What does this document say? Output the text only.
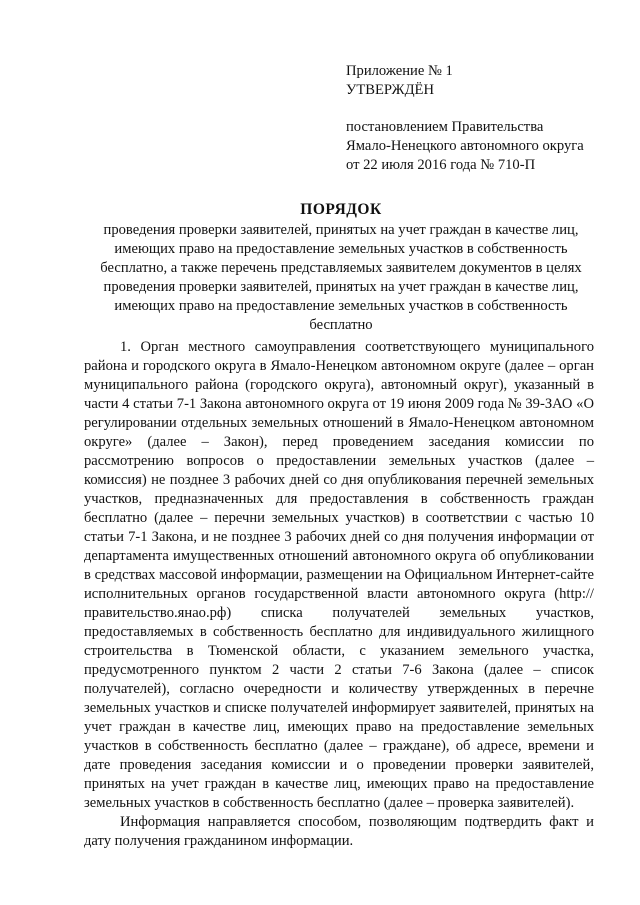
Приложение № 1
УТВЕРЖДЁН
постановлением Правительства
Ямало-Ненецкого автономного округа
от 22 июля 2016 года № 710-П
ПОРЯДОК
проведения проверки заявителей, принятых на учет граждан в качестве лиц, имеющих право на предоставление земельных участков в собственность бесплатно, а также перечень представляемых заявителем документов в целях проведения проверки заявителей, принятых на учет граждан в качестве лиц, имеющих право на предоставление земельных участков в собственность бесплатно

1. Орган местного самоуправления соответствующего муниципального района и городского округа в Ямало-Ненецком автономном округе (далее – орган муниципального района (городского округа), автономный округ), указанный в части 4 статьи 7-1 Закона автономного округа от 19 июня 2009 года № 39-ЗАО «О регулировании отдельных земельных отношений в Ямало-Ненецком автономном округе» (далее – Закон), перед проведением заседания комиссии по рассмотрению вопросов о предоставлении земельных участков (далее – комиссия) не позднее 3 рабочих дней со дня опубликования перечней земельных участков, предназначенных для предоставления в собственность граждан бесплатно (далее – перечни земельных участков) в соответствии с частью 10 статьи 7-1 Закона, и не позднее 3 рабочих дней со дня получения информации от департамента имущественных отношений автономного округа об опубликовании в средствах массовой информации, размещении на Официальном Интернет-сайте исполнительных органов государственной власти автономного округа (http://правительство.янао.рф) списка получателей земельных участков, предоставляемых в собственность бесплатно для индивидуального жилищного строительства в Тюменской области, с указанием земельного участка, предусмотренного пунктом 2 части 2 статьи 7-6 Закона (далее – список получателей), согласно очередности и количеству утвержденных в перечне земельных участков и списке получателей информирует заявителей, принятых на учет граждан в качестве лиц, имеющих право на предоставление земельных участков в собственность бесплатно (далее – граждане), об адресе, времени и дате проведения заседания комиссии и о проведении проверки заявителей, принятых на учет граждан в качестве лиц, имеющих право на предоставление земельных участков в собственность бесплатно (далее – проверка заявителей).

Информация направляется способом, позволяющим подтвердить факт и дату получения гражданином информации.
